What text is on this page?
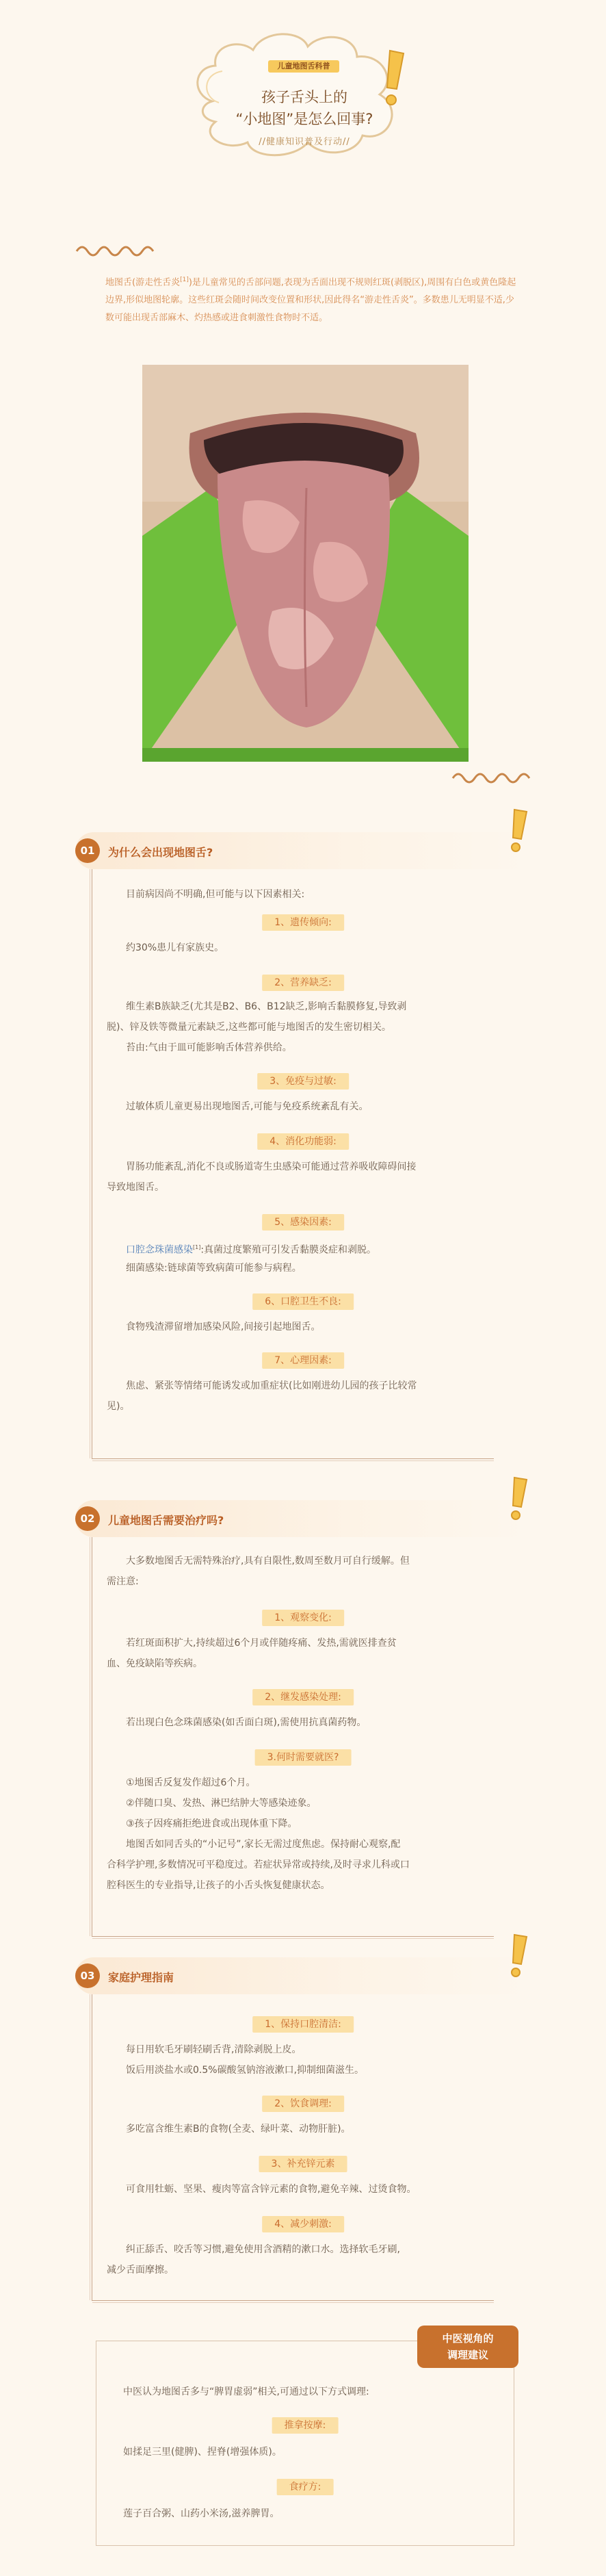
儿童地图舌科普
孩子舌头上的
“小地图”是怎么回事?
//健康知识普及行动//
地图舌(游走性舌炎[1])是儿童常见的舌部问题,表现为舌面出现不规则红斑(剥脱区),周围有白色或黄色隆起边界,形似地图轮廓。这些红斑会随时间改变位置和形状,因此得名“游走性舌炎”。多数患儿无明显不适,少数可能出现舌部麻木、灼热感或进食刺激性食物时不适。
01	为什么会出现地图舌?
目前病因尚不明确,但可能与以下因素相关:
1、遗传倾向:
约30%患儿有家族史。
2、营养缺乏:
维生素B族缺乏(尤其是B2、B6、B12缺乏,影响舌黏膜修复,导致剥
脱)、锌及铁等微量元素缺乏,这些都可能与地图舌的发生密切相关。
　苔由:气由于皿可能影响舌体营养供给。
3、免疫与过敏:
过敏体质儿童更易出现地图舌,可能与免疫系统紊乱有关。
4、消化功能弱:
胃肠功能紊乱,消化不良或肠道寄生虫感染可能通过营养吸收障碍间接
导致地图舌。
5、感染因素:
口腔念珠菌感染[1]:真菌过度繁殖可引发舌黏膜炎症和剥脱。
　细菌感染:链球菌等致病菌可能参与病程。
6、口腔卫生不良:
食物残渣滞留增加感染风险,间接引起地图舌。
7、心理因素:
焦虑、紧张等情绪可能诱发或加重症状(比如刚进幼儿园的孩子比较常
见)。
02	儿童地图舌需要治疗吗?
大多数地图舌无需特殊治疗,具有自限性,数周至数月可自行缓解。但
需注意:
1、观察变化:
若红斑面积扩大,持续超过6个月或伴随疼痛、发热,需就医排查贫
血、免疫缺陷等疾病。
2、继发感染处理:
若出现白色念珠菌感染(如舌面白斑),需使用抗真菌药物。
3.何时需要就医?
①地图舌反复发作超过6个月。
②伴随口臭、发热、淋巴结肿大等感染迹象。
③孩子因疼痛拒绝进食或出现体重下降。
　地图舌如同舌头的“小记号”,家长无需过度焦虑。保持耐心观察,配
合科学护理,多数情况可平稳度过。若症状异常或持续,及时寻求儿科或口
腔科医生的专业指导,让孩子的小舌头恢复健康状态。
03	家庭护理指南
1、保持口腔清洁:
每日用软毛牙刷轻刷舌背,清除剥脱上皮。
　饭后用淡盐水或0.5%碳酸氢钠溶液漱口,抑制细菌滋生。
2、饮食调理:
多吃富含维生素B的食物(全麦、绿叶菜、动物肝脏)。
3、补充锌元素
可食用牡蛎、坚果、瘦肉等富含锌元素的食物,避免辛辣、过烫食物。
4、减少刺激:
纠正舔舌、咬舌等习惯,避免使用含酒精的漱口水。选择软毛牙刷,
减少舌面摩擦。
中医视角的
调理建议
中医认为地图舌多与“脾胃虚弱”相关,可通过以下方式调理:
推拿按摩:
如揉足三里(健脾)、捏脊(增强体质)。
食疗方:
莲子百合粥、山药小米汤,滋养脾胃。
